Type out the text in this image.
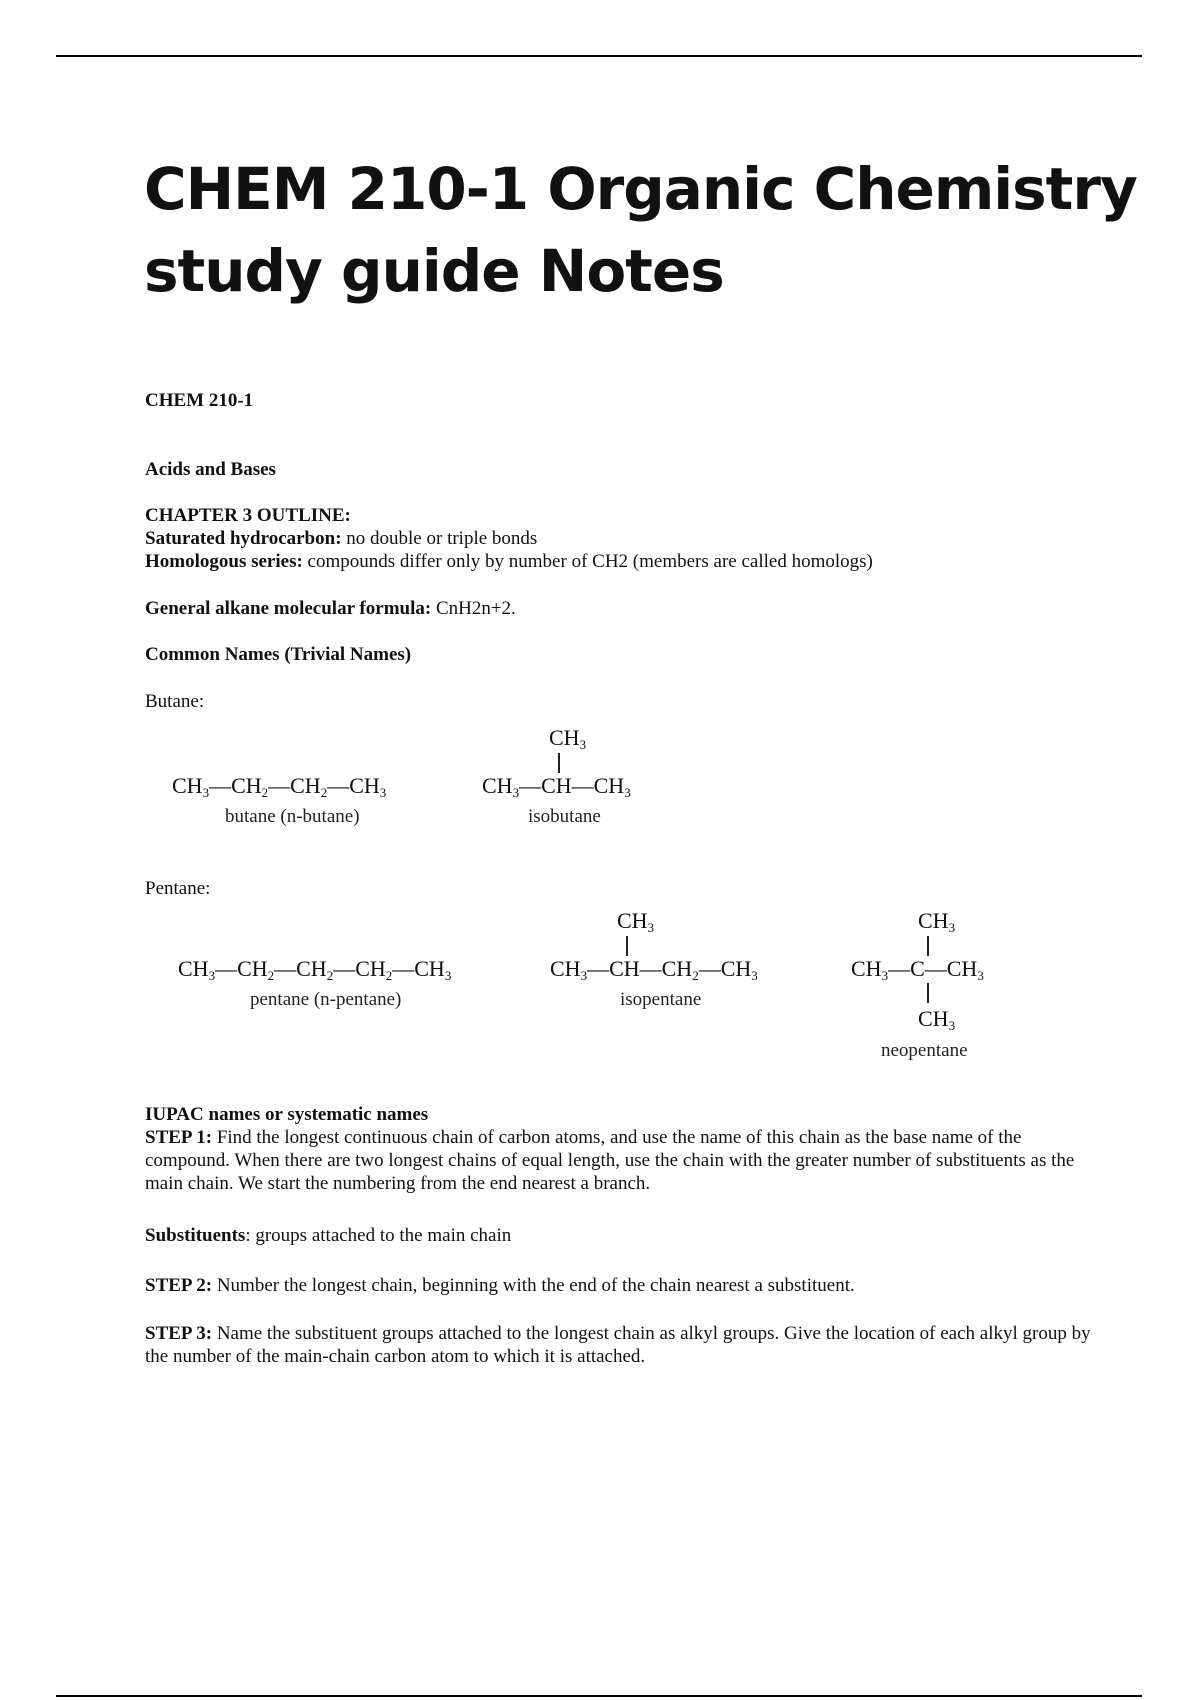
CHEM 210-1 Organic Chemistry study guide Notes
CHEM 210-1
Acids and Bases
CHAPTER 3 OUTLINE:
Saturated hydrocarbon: no double or triple bonds
Homologous series: compounds differ only by number of CH2 (members are called homologs)
General alkane molecular formula: CnH2n+2.
Common Names (Trivial Names)
Butane:
$CH_3—CH_2—CH_2—CH_3$
butane (n-butane)
$CH_3$
$CH_3—CH—CH_3$
isobutane
Pentane:
$CH_3—CH_2—CH_2—CH_2—CH_3$
pentane (n-pentane)
$CH_3$
$CH_3—CH—CH_2—CH_3$
isopentane
$CH_3$
$CH_3—C—CH_3$
$CH_3$
neopentane
IUPAC names or systematic names
STEP 1: Find the longest continuous chain of carbon atoms, and use the name of this chain as the base name of the compound. When there are two longest chains of equal length, use the chain with the greater number of substituents as the main chain. We start the numbering from the end nearest a branch.
Substituents: groups attached to the main chain
STEP 2: Number the longest chain, beginning with the end of the chain nearest a substituent.
STEP 3: Name the substituent groups attached to the longest chain as alkyl groups. Give the location of each alkyl group by the number of the main-chain carbon atom to which it is attached.
